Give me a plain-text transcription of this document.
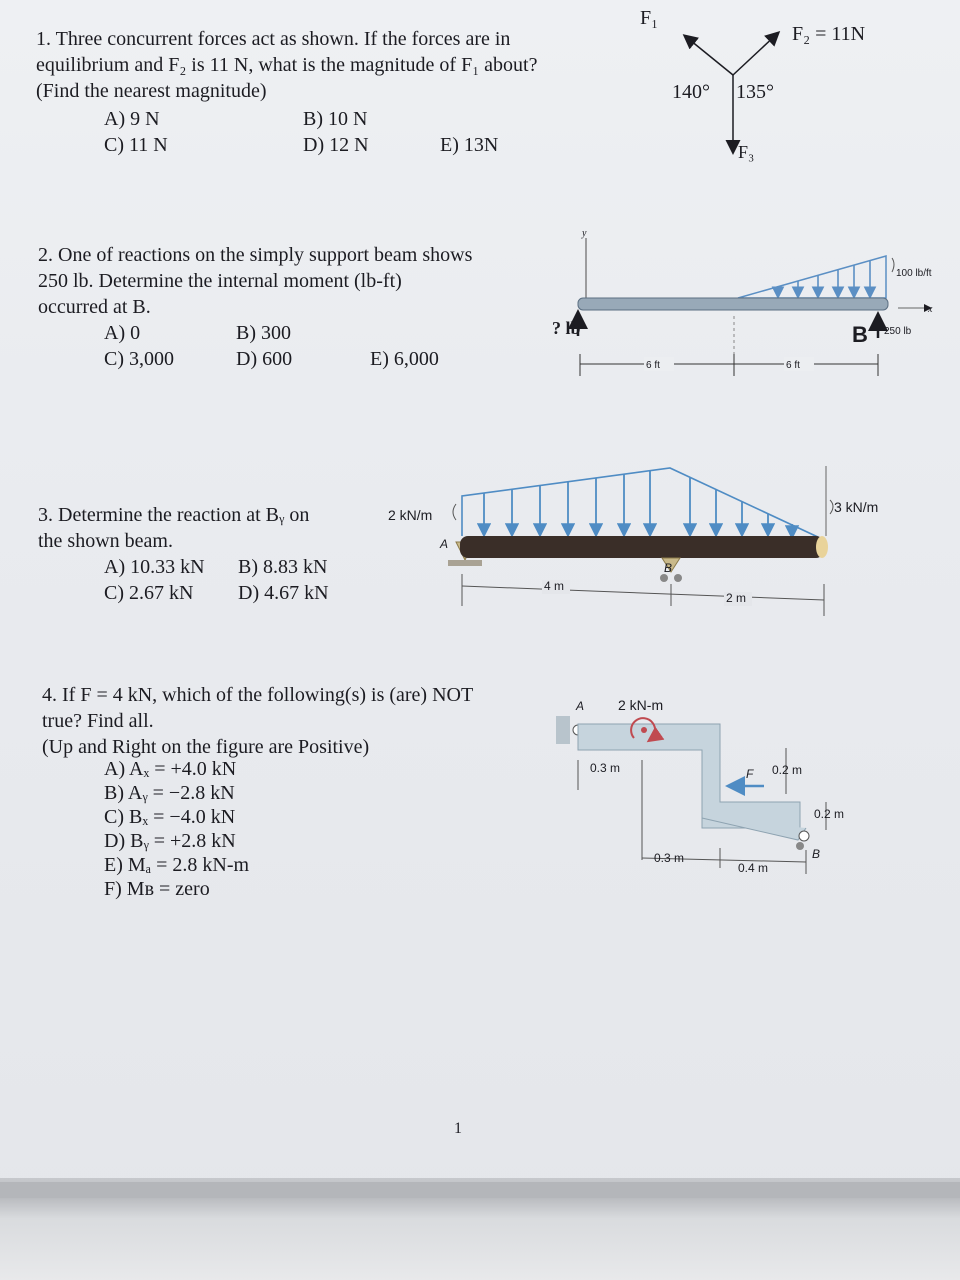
1. Three concurrent forces act as shown. If the forces are in
equilibrium and F₂ is 11 N, what is the magnitude of F₁ about?
(Find the nearest magnitude)
A) 9 N	B) 10 N
C) 11 N	D) 12 N	E) 13N
F₁
F₂ = 11N
F₃
140° 135°
2. One of reactions on the simply support beam shows
250 lb. Determine the internal moment (lb-ft)
occurred at B.
A) 0	B) 300
C) 3,000	D) 600	E) 6,000
y
100 lb/ft
x
? lb	B 250 lb
6 ft	6 ft
3. Determine the reaction at Bᵧ on
the shown beam.
A) 10.33 kN B) 8.83 kN
C) 2.67 kN D) 4.67 kN
2 kN/m	3 kN/m
A
B
4 m
2 m
4. If F = 4 kN, which of the following(s) is (are) NOT
true? Find all.
(Up and Right on the figure are Positive)
A) Aₓ = +4.0 kN
B) Aᵧ = −2.8 kN
C) Bₓ = −4.0 kN
D) Bᵧ = +2.8 kN
E) Mₐ = 2.8 kN-m
F) Mʙ = zero
A 2 kN-m
F
B
0.3 m
0.3 m
0.4 m
0.2 m
0.2 m
1
